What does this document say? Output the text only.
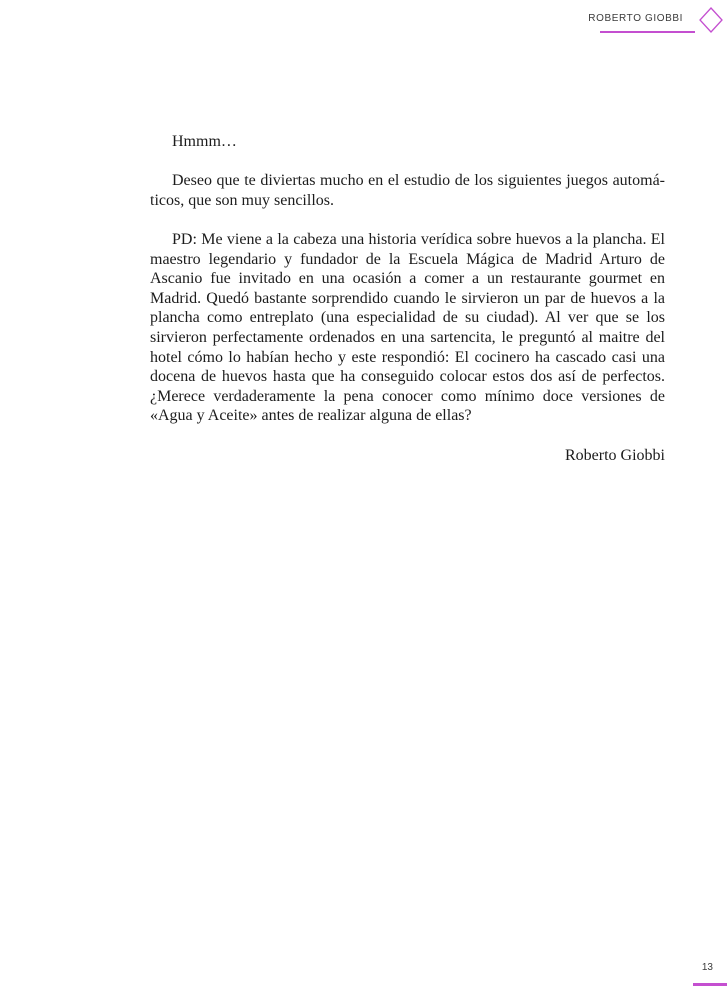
ROBERTO GIOBBI

Hmmm…

Deseo que te diviertas mucho en el estudio de los siguientes juegos automáticos, que son muy sencillos.

PD: Me viene a la cabeza una historia verídica sobre huevos a la plancha. El maestro legendario y fundador de la Escuela Mágica de Madrid Arturo de Ascanio fue invitado en una ocasión a comer a un restaurante gourmet en Madrid. Quedó bastante sorprendido cuando le sirvieron un par de huevos a la plancha como entreplato (una especialidad de su ciudad). Al ver que se los sirvieron perfectamente ordenados en una sartencita, le preguntó al maitre del hotel cómo lo habían hecho y este respondió: El cocinero ha cascado casi una docena de huevos hasta que ha conseguido colocar estos dos así de perfectos. ¿Merece verdaderamente la pena conocer como mínimo doce versiones de «Agua y Aceite» antes de realizar alguna de ellas?

Roberto Giobbi

13
